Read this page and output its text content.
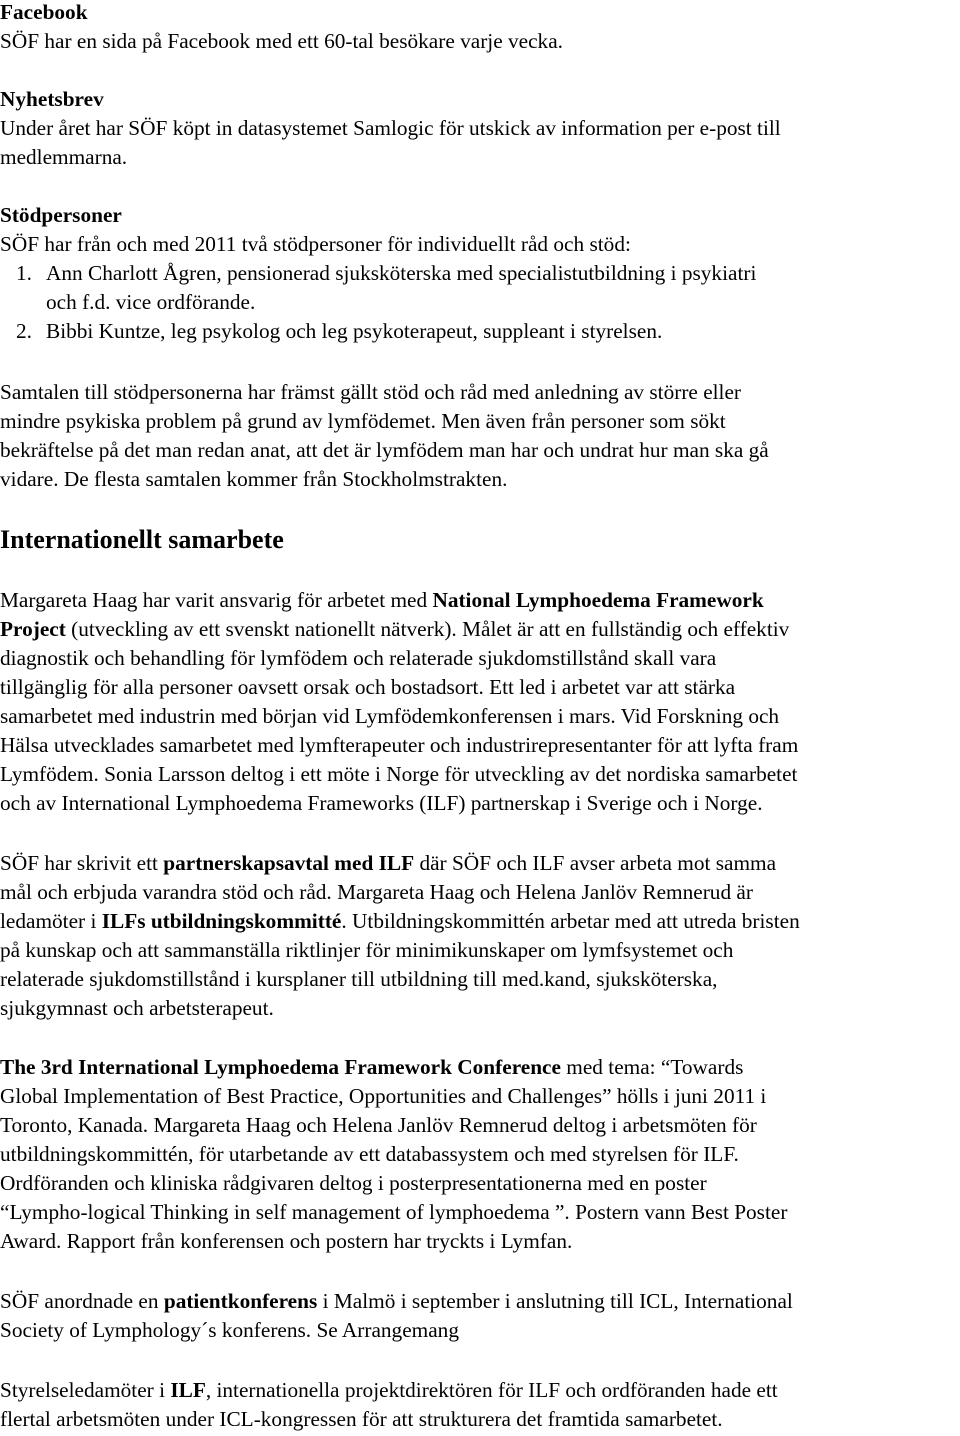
Facebook
SÖF har en sida på Facebook med ett 60-tal besökare varje vecka.
Nyhetsbrev
Under året har SÖF köpt in datasystemet Samlogic för utskick av information per e-post till
medlemmarna.
Stödpersoner
SÖF har från och med 2011 två stödpersoner för individuellt råd och stöd:
1. Ann Charlott Ågren, pensionerad sjuksköterska med specialistutbildning i psykiatri
och f.d. vice ordförande.
2. Bibbi Kuntze, leg psykolog och leg psykoterapeut, suppleant i styrelsen.
Samtalen till stödpersonerna har främst gällt stöd och råd med anledning av större eller
mindre psykiska problem på grund av lymfödemet. Men även från personer som sökt
bekräftelse på det man redan anat, att det är lymfödem man har och undrat hur man ska gå
vidare. De flesta samtalen kommer från Stockholmstrakten.
Internationellt samarbete
Margareta Haag har varit ansvarig för arbetet med National Lymphoedema Framework
Project (utveckling av ett svenskt nationellt nätverk). Målet är att en fullständig och effektiv
diagnostik och behandling för lymfödem och relaterade sjukdomstillstånd skall vara
tillgänglig för alla personer oavsett orsak och bostadsort. Ett led i arbetet var att stärka
samarbetet med industrin med början vid Lymfödemkonferensen i mars. Vid Forskning och
Hälsa utvecklades samarbetet med lymfterapeuter och industrirepresentanter för att lyfta fram
Lymfödem. Sonia Larsson deltog i ett möte i Norge för utveckling av det nordiska samarbetet
och av International Lymphoedema Frameworks (ILF) partnerskap i Sverige och i Norge.
SÖF har skrivit ett partnerskapsavtal med ILF där SÖF och ILF avser arbeta mot samma
mål och erbjuda varandra stöd och råd. Margareta Haag och Helena Janlöv Remnerud är
ledamöter i ILFs utbildningskommitté. Utbildningskommittén arbetar med att utreda bristen
på kunskap och att sammanställa riktlinjer för minimikunskaper om lymfsystemet och
relaterade sjukdomstillstånd i kursplaner till utbildning till med.kand, sjuksköterska,
sjukgymnast och arbetsterapeut.
The 3rd International Lymphoedema Framework Conference med tema: “Towards
Global Implementation of Best Practice, Opportunities and Challenges” hölls i juni 2011 i
Toronto, Kanada. Margareta Haag och Helena Janlöv Remnerud deltog i arbetsmöten för
utbildningskommittén, för utarbetande av ett databassystem och med styrelsen för ILF.
Ordföranden och kliniska rådgivaren deltog i posterpresentationerna med en poster
“Lympho-logical Thinking in self management of lymphoedema ”. Postern vann Best Poster
Award. Rapport från konferensen och postern har tryckts i Lymfan.
SÖF anordnade en patientkonferens i Malmö i september i anslutning till ICL, International
Society of Lymphology´s konferens. Se Arrangemang
Styrelseledamöter i ILF, internationella projektdirektören för ILF och ordföranden hade ett
flertal arbetsmöten under ICL-kongressen för att strukturera det framtida samarbetet.
